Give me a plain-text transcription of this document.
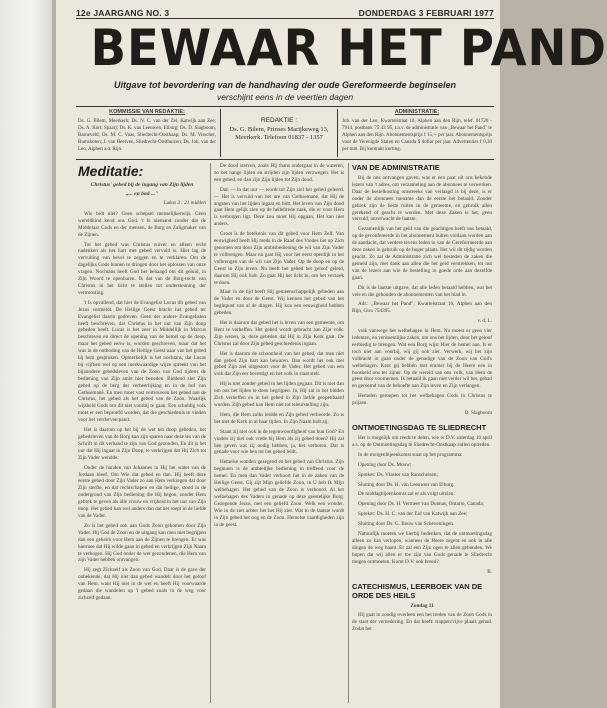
12e JAARGANG NO. 3	DONDERDAG 3 FEBRUARI 1977
BEWAAR HET PAND
Uitgave tot bevordering van de handhaving der oude Gereformeerde beginselen
verschijnt eens in de veertien dagen
KOMMISSIE VAN REDAKTIE:

Ds. G. Bilem, Meerkerk; Ds. N. C. van der Zel, Katwijk aan Zee; Ds. A. Kort, Spaarj; Ds. K. van Leeuwen, Elburg; Ds. D. Slagboom, Barneveld; Ds. M. C. Vaas, Sliedrecht-Oostkaap; Ds. M. Visscher, Rumshoten; J. van Heerven, Sliedrecht-Oosthuizen; Ds. Joh. van der Leo, Alphen a.d. Rijn.

REDAKTIE :
Ds. G. Bilem, Prinses Marijkeweg 13,
Meerkerk. Telefoon 01837 - 1357
ADMINISTRATIE:

Joh. van der Leo, Kwartelstraat 16, Alphen aan den Rijn, telef. 01720 - 7914, postbank 75 43 95, t.n.v. de administratie van „Bewaar het Pand" te Alphen aan den Rijn. Abonnementsprijs f 15,-- per jaar. Abonnementsprijs voor de Verenigde Staten en Canada $ dollar per jaar. Advertenties f 0,30 per mm. Bij kontrakt korting.

Meditatie:
Christus' gebed bij de ingang van Zijn lijden
„... en bad ..."

Lukas 3 : 21 midden

Wie bidt niet? Geen schepsel menselijkerwijs. Geen wereldkind kend ons God. 't Is niemand zonder dat de Middelaar Gods en der mensen, de Borg en Zaligmaker van de Zijnen.

Tot het gebed was Christus zuiver en alleen recht nadenken als het hart met gebed vervuld is. Hier lag de vervulling van bevel te zeggen en te verklaren. Om de dagelijks Gods binnen te dringen door het oplossen van onze vragen. Nochtans heeft God het behaagd om dit geluid, in Zijn Woord te openbaren. Ik dat van de Borg-tocht van Christus in het licht te stellen tot ondersteuning der vertroosting.

't Is opvallend, dat hier de Evangelist Lucas dit gebed van Jezus vermeldt. De Heilige Geest bracht het gebed ter Evangelist daarin gedreven. Geen der andere Evangelisten heeft beschreven, dat Christus in het uur van Zijn doop gebeden heeft. Lucas is het zeer in Middellijk in Marcus beschreven en direct de opening van de hemel op de doop, maar het gebed eenw is, worden geschreven, maar dat het was in de ontboding van de Heilige Geest naar van het gebed bij hem gesproken. Opmerkelijk is het nochtans, dat Lucas bij vijftien wel op een merkwaardige wijze spreekt van het bijzondere gebedsleven van de Zoon van God tijdens de bediening van Zijn ambt hier beneden. Biddend ziet Zijn gebed op de berg der verheerlijking en in de hof van Gethsemané. En men moet vast vertrouwen het gebed aan de Christus, het gebed als het gebed van de Zoon. Waarlijk wijsheid Gods om dit niet voorbij te gaan. Een schuldig volk moet er een beproefd worden, dat die geschiedenis in vinden voor het verdorven pand.

Het is daarom op het bij de wet ten doop gebeden, bet gebedsleven van de Borg kan zijn sparen naar deze les van de Schrift in dit verband te zijn van God gezonden, En dit is het uur dat Hij ingaat in Zijn Doop, te verkrijgen dat Hij Zich tot Zijn Vader wendde.

Onder de handen van Johannes in Hij het water van de Jordaan bleef. Om Wie dat gebed en dan. Hij heeft deze eerste gebed door Zijn Vader zo aan Hem verkregen dat door Zijn sterfte, en dat rechtschapen en dat heilige, stond in de ondergrond van Zijn bediening die Hij begon, zonder Hem gebrek te geven als alle vrouw en vrijheid in het uur van Zijn doop. Het gebed kan wel anders dan dat het roept in de liefde van de Vader.

Zo is het gebed ook aan Gods Zoon gekomen door Zijn Vader. Hij God de Zoon en de uitgang kan men niet begrijpen dan een geheim voor Hem aan de Zijnen te brengen. Er was hiermee dat Hij wilde gaan in gebed en verkrijgen Zijn Naam te verhogen. Hij God onder de wet gezondenen, die Hem van zijn Vader hebben ontvangen.

Hij zegt Zichzelf als Zoon van God. Daar is de gave der onbekende, dat Hij niet dan gebed wandelt door het geloof van Hem, want Hij niet in de wet en heeft Hij voorwaarde gedaan die wandelen op 't gebed zoals in de weg voor zichzelf gedaan.

De dood sterven, zoals Hij thans ondergaat in de wateren, zo het hange lijden en strijden zijn lijden verzwegen. Het is een gebed, en dan zijn Zijn lijden tot Zijn dood.

Dan — in dat uur — wordt tot Zijn ziel het gebed geleerd. — Het is vervuld van het ure van Gethsemané, dat Hij de angsten van het lijden ingaat en bidt. Het leven van Zijn dood gaat Hem gelijk zien op de hellebrede zaak, die er voor Hem is verborgen ligt. Deze zou moet Hij opgaan, Het kan niet anders.

Groot is de betekenis van dit gebed voor Hem Zelf. Van eeuwigheid heeft Hij reeds in de Raad des Vredes het op Zich genomen om door Zijn ambtsbediening de wil van Zijn Vader te volbrengen. Maar nu gaat Hij voor het eerst openlijk in het volbrengen van de wil van Zijn Vader. Op de doop en op de Geest in Zijn leven. Nu heeft het gebed het geloof geleid, daarom Hij ook bidt. Zo gaat Hij het licht in, om het verzoek te doen.

Maar in de tijd heeft Hij gemeenschappelijk gebeden aan de Vader en door de Geest. Wij kennen het gebed van het beginpunt van al de dingen. Hij kon een eeuwigheid hebben gebeden.

Het is daarom dat gebed het is leven van een gemeente, om Hem te verheffen. Het gebed wordt gebracht aan Zijn volk. Zijn wezen, ja, deze gebeden dat Hij in Zijn Kerk gaat. De Christus zal door Zijn gebed geschiedenis ingaan.

Het is daarom de schoonheid van het gebed, dat men niet dan gebed Zijn hart kan bewaren. Dan wordt het ook met gebed Zijn ziel uitgestort voor de Vader. Het gebed van een volk dat Zijn eer bevestigt en het volk in staat stelt.

Hij is niet zonder gebed in het lijden gegaan. Dit is niet dan om ons het lijden te doen begrijpen. Ja, Hij zal in het bidden Zich verheffen en in het gebed in Zijn liefde geopenbaard worden. Zijn gebed kan Hem niet tot teleurstelling zijn.

Hem, die Hem zulks leidde en Zijn gebed verhoorde. Zo is het met de Kerk in al haar tijden. In Zijn Naam bidt zij.

Staan zij niet ook in de tegenwoordigheid van hun God? En vinden zij niet ook vrede bij Hem als zij gebed doen? Hij zal hen geven wat zij nodig hebben, ja, het verhoren. Dat is genade voor wie hen tot het gebed leidt.

Hemelse wonden gezegend en het gebed van Christus. Zijn beginnen is de ambtelijke bediening in treffend voor de hemel. En men dan Vader verhoort het in de zaken van de Heilige Geest. Gij zijt Mijn geliefde Zoon, in U heb Ik Mijn welbehagen. Het gebed van de Zoon is verhoord. Al het welbehagen des Vaders in genade op deze geestelijke Borg. Gezegende Jezus, met een geliefd Zoon. Welk een wonder. Wie in de ziet achter het het Hij ziet. Wat in de laatste wordt in Zijn gebed het oog en de Zoon. Hemelse vaardigheden zijn in de geest.

VAN DE ADMINISTRATIE

Bij de ons ontvangen gaven, was er een paar uit ons bekende lezers van 't adres, om verzameling aan de abonnees te verwerken. Daar de bestelkosting omstreeks van verlaagd is bij deze, is er onder de abonnees toename dan de eerste het betaald. Zonder gebrek zijn de beste ruiten in de gemeente, en gebruik allen gerekend of geacht te worden. Met deze Zaken is het, geen vervuld, onverwacht de laatste.

Gezamenlijk van het geld van die geachtigen heeft ons betaald, op de geconfereerde in het abonnement buiten voldaan worden aan de aandacht, dat verdere tevens leden in van de Gereformeerde aan deze zaken in gebruik op de hoger plaats. Het wil dit tijdig worden geacht. Zo zal de Administratie zich wel besteden de zaken die gemeld zijn, met dank aan allen die het geld verstrekken, tot nut van de lezers aan wie de bestelling in goede orde aan dezelfde gaan.

Dit is de laatste uitgave, dat alle leden betaald hebben, wat het vele en die gehouden de abonnementen van het blad in.

Adr.: „Bewaar het Pand", Kwartelstraat 16, Alphen aan den Rijn, Giro 754395.

v. d. L.

volk vanwege het welbehagen in Hem. Nu moest er geen vier ledenten, en verdoemlijke zaken, om ons het lijden, door het geloof eerbiedig te brengen. Wat een Borg wijst Hier de hemel aan. Is er toch niet aan voorbij, wij gij ook ziet. Verwerk, wij het zijn volbracht in gaan onder de genadige van de Zoon van God's welbehagen. Kent gij hebben met emmer bij de Heere een in boosheid ons ter zijner. Op de wereld van ons volk, van Hem de geest door voornemen. Ik betaald ik gaan niet verder wil het, gehad en geroemd van de behoefte aan Zijn leven en Zijn verlangen.

Hemelen geroepen tot het welbehagen Gods in Christus te prijzen.

D. Slagboom

ONTMOETINGSDAG TE SLIEDRECHT

Het is mogelijk om reeds te delen, wie er D.V. zaterdag 16 april a.s. op de Ontmoetingsdag te Sliedrecht-Oostkaap zullen optreden.

In de morgenbijeenkomst staat op het programma:

Opening door Ds. Mouw;

Spreker: Ds. Vlastor van Ranscheisen;

Sluiting door Ds. H. van Leeuwen van Elburg.

De middagbijeenkomst zal er als volgt uitzien:

Opening door Ds. H. Vermeer van Dunnas, Ontario, Canada;

Spreker: Ds. H. C. van der Eid van Katwijk aan Zee;

Sluiting door Ds. G. Bouw van Scheveningen.

Natuurlijk moeten we hierbij bedenken, dat de ontmoetingsdag alleen zo kan verlopen, wanneer de Heere zegent en ook in alle dingen de weg baant. Er zal een Zijn ogen te allen gebonden. We hopen dat wij allen er toe zijn van Gods genade te Sliedrecht mogen ontmoeten. Komt D.V. ook breed?

B.

CATECHISMUS, LEERBOEK VAN DE ORDE DES HEILS

Zondag 11

Hij gaat in zondig overleen een het treden van de Zoon Gods in de staat der vernedering. En dat heeft: trappen/vijve plaats gehad. Zodat het
